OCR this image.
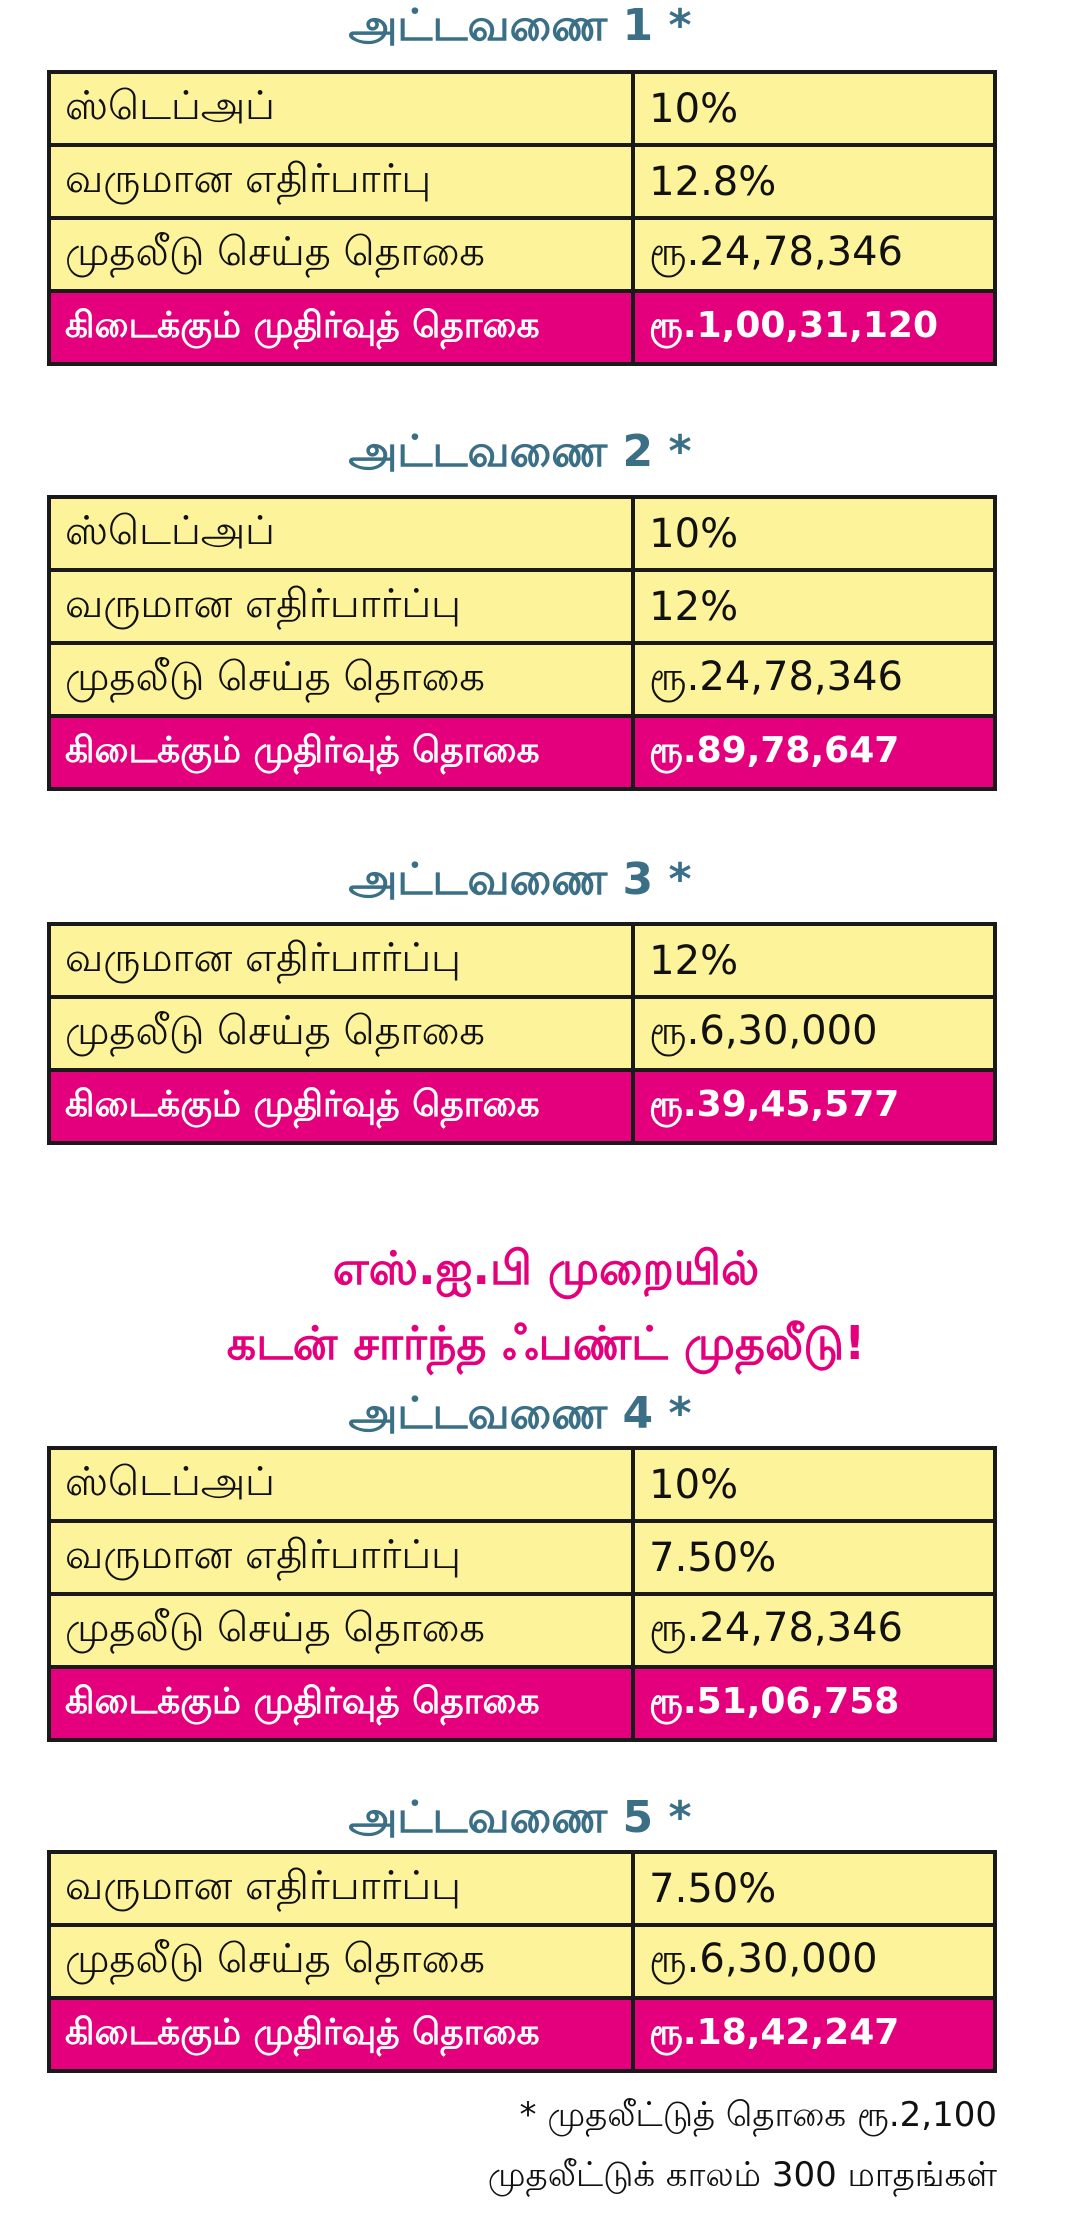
அட்டவணை 1 *
ஸ்டெப்அப்	10%
வருமான எதிர்பார்பு	12.8%
முதலீடு செய்த தொகை	ரூ.24,78,346
கிடைக்கும் முதிர்வுத் தொகை	ரூ.1,00,31,120
அட்டவணை 2 *
ஸ்டெப்அப்	10%
வருமான எதிர்பார்ப்பு	12%
முதலீடு செய்த தொகை	ரூ.24,78,346
கிடைக்கும் முதிர்வுத் தொகை	ரூ.89,78,647
அட்டவணை 3 *
வருமான எதிர்பார்ப்பு	12%
முதலீடு செய்த தொகை	ரூ.6,30,000
கிடைக்கும் முதிர்வுத் தொகை	ரூ.39,45,577
எஸ்.ஐ.பி முறையில்
கடன் சார்ந்த ஃபண்ட் முதலீடு!
அட்டவணை 4 *
ஸ்டெப்அப்	10%
வருமான எதிர்பார்ப்பு	7.50%
முதலீடு செய்த தொகை	ரூ.24,78,346
கிடைக்கும் முதிர்வுத் தொகை	ரூ.51,06,758
அட்டவணை 5 *
வருமான எதிர்பார்ப்பு	7.50%
முதலீடு செய்த தொகை	ரூ.6,30,000
கிடைக்கும் முதிர்வுத் தொகை	ரூ.18,42,247
* முதலீட்டுத் தொகை ரூ.2,100
முதலீட்டுக் காலம் 300 மாதங்கள்
